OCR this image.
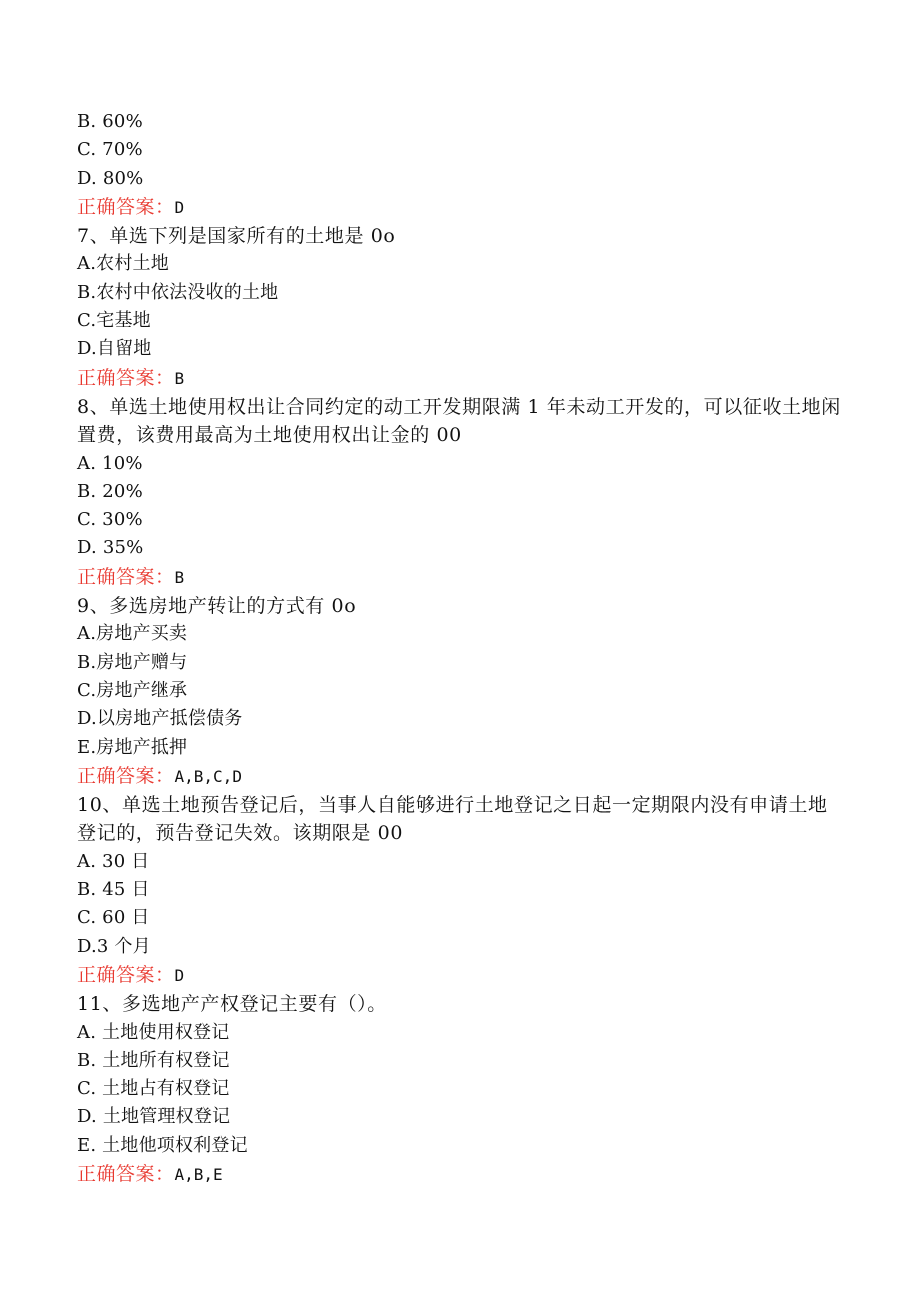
B. 60%
C. 70%
D. 80%
正确答案：D
7、单选下列是国家所有的土地是 0o
A.农村土地
B.农村中依法没收的土地
C.宅基地
D.自留地
正确答案：B
8、单选土地使用权出让合同约定的动工开发期限满 1 年未动工开发的，可以征收土地闲置费，该费用最高为土地使用权出让金的 00
A. 10%
B. 20%
C. 30%
D. 35%
正确答案：B
9、多选房地产转让的方式有 0o
A.房地产买卖
B.房地产赠与
C.房地产继承
D.以房地产抵偿债务
E.房地产抵押
正确答案：A,B,C,D
10、单选土地预告登记后，当事人自能够进行土地登记之日起一定期限内没有申请土地登记的，预告登记失效。该期限是 00
A. 30 日
B. 45 日
C. 60 日
D.3 个月
正确答案：D
11、多选地产产权登记主要有（）。
A. 土地使用权登记
B. 土地所有权登记
C. 土地占有权登记
D. 土地管理权登记
E. 土地他项权利登记
正确答案：A,B,E
